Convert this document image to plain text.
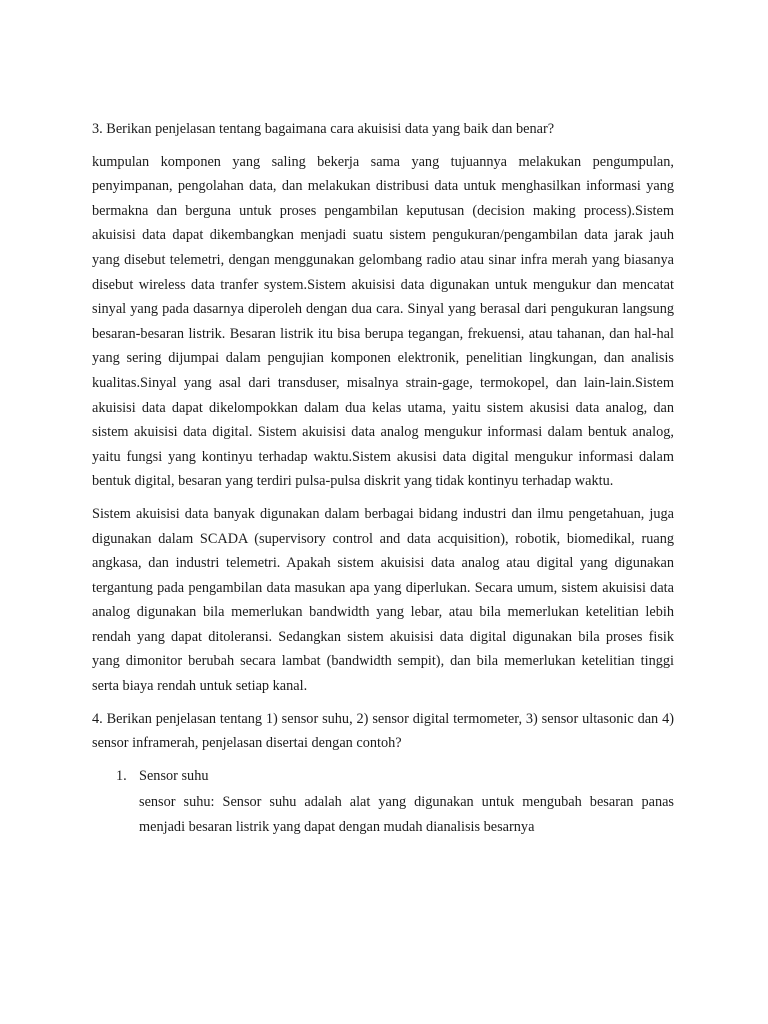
3. Berikan penjelasan tentang bagaimana cara akuisisi data yang baik dan benar?

kumpulan komponen yang saling bekerja sama yang tujuannya melakukan pengumpulan, penyimpanan, pengolahan data, dan melakukan distribusi data untuk menghasilkan informasi yang bermakna dan berguna untuk proses pengambilan keputusan (decision making process).Sistem akuisisi data dapat dikembangkan menjadi suatu sistem pengukuran/pengambilan data jarak jauh yang disebut telemetri, dengan menggunakan gelombang radio atau sinar infra merah yang biasanya disebut wireless data tranfer system.Sistem akuisisi data digunakan untuk mengukur dan mencatat sinyal yang pada dasarnya diperoleh dengan dua cara. Sinyal yang berasal dari pengukuran langsung besaran-besaran listrik. Besaran listrik itu bisa berupa tegangan, frekuensi, atau tahanan, dan hal-hal yang sering dijumpai dalam pengujian komponen elektronik, penelitian lingkungan, dan analisis kualitas.Sinyal yang asal dari transduser, misalnya strain-gage, termokopel, dan lain-lain.Sistem akuisisi data dapat dikelompokkan dalam dua kelas utama, yaitu sistem akusisi data analog, dan sistem akuisisi data digital. Sistem akuisisi data analog mengukur informasi dalam bentuk analog, yaitu fungsi yang kontinyu terhadap waktu.Sistem akusisi data digital mengukur informasi dalam bentuk digital, besaran yang terdiri pulsa-pulsa diskrit yang tidak kontinyu terhadap waktu.

Sistem akuisisi data banyak digunakan dalam berbagai bidang industri dan ilmu pengetahuan, juga digunakan dalam SCADA (supervisory control and data acquisition), robotik, biomedikal, ruang angkasa, dan industri telemetri. Apakah sistem akuisisi data analog atau digital yang digunakan tergantung pada pengambilan data masukan apa yang diperlukan. Secara umum, sistem akuisisi data analog digunakan bila memerlukan bandwidth yang lebar, atau bila memerlukan ketelitian lebih rendah yang dapat ditoleransi. Sedangkan sistem akuisisi data digital digunakan bila proses fisik yang dimonitor berubah secara lambat (bandwidth sempit), dan bila memerlukan ketelitian tinggi serta biaya rendah untuk setiap kanal.

4. Berikan penjelasan tentang 1) sensor suhu, 2) sensor digital termometer, 3) sensor ultasonic dan 4) sensor inframerah, penjelasan disertai dengan contoh?

1. Sensor suhu

sensor suhu: Sensor suhu adalah alat yang digunakan untuk mengubah besaran panas menjadi besaran listrik yang dapat dengan mudah dianalisis besarnya
